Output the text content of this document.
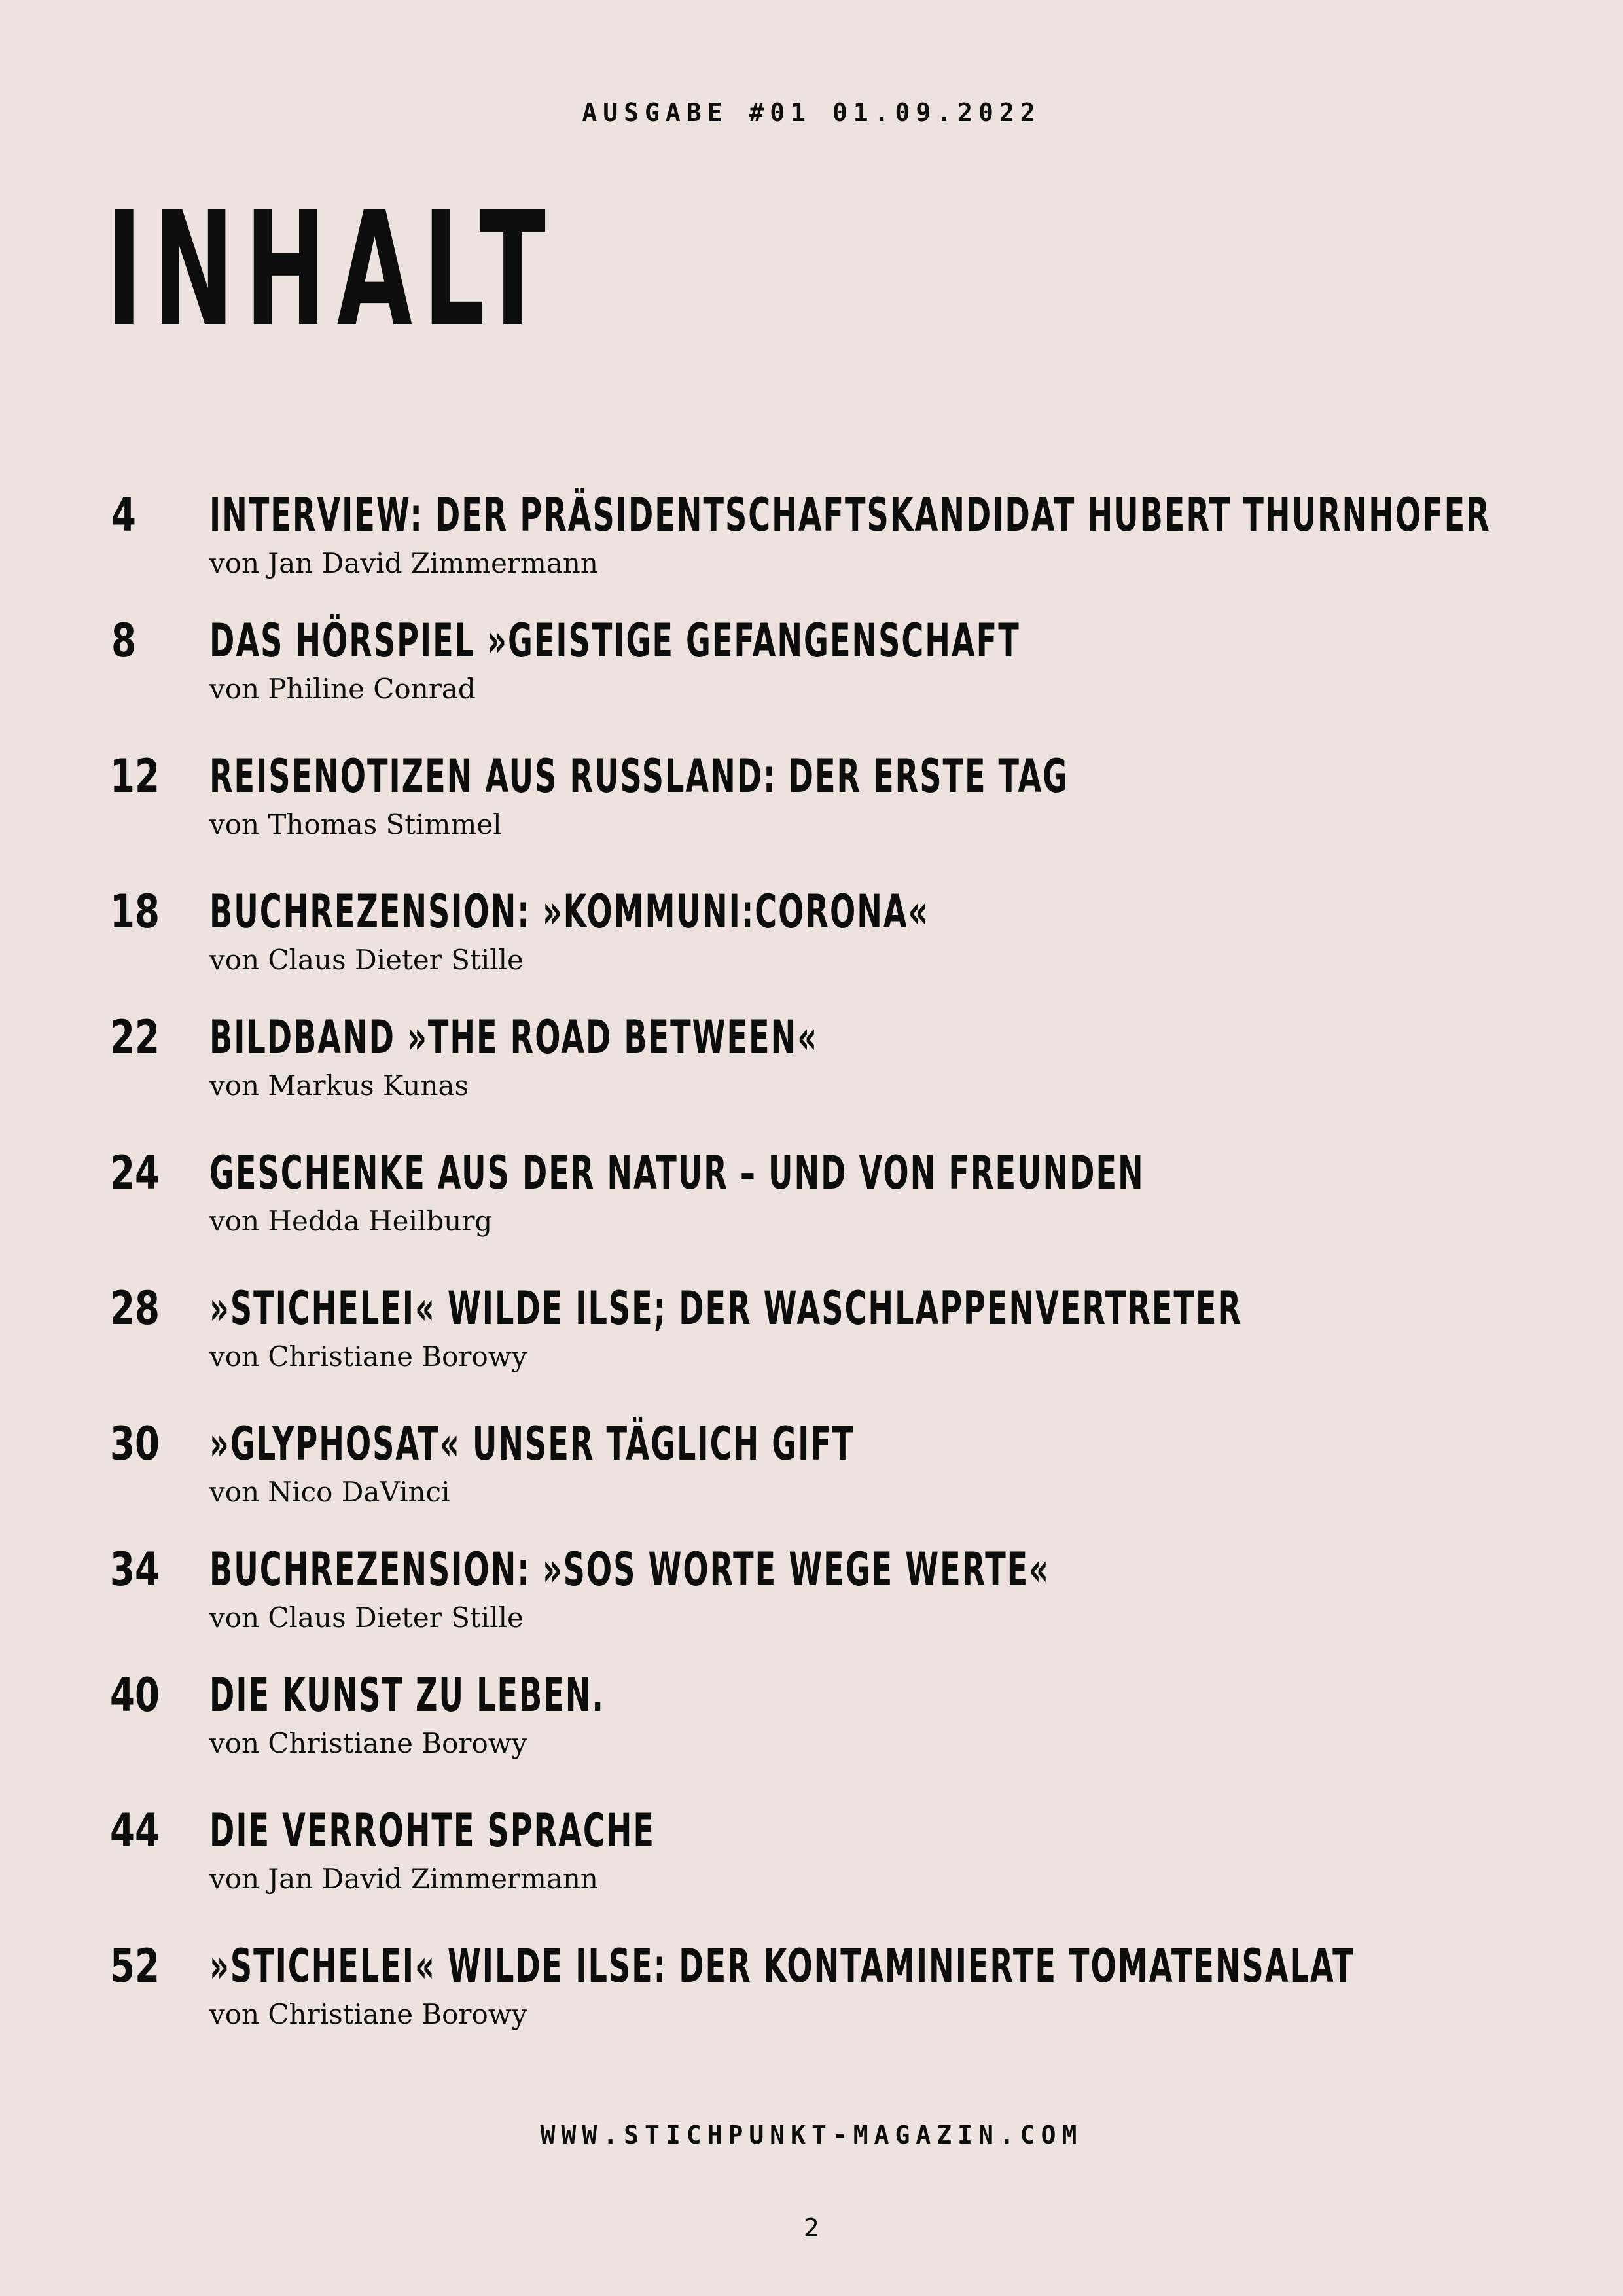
AUSGABE #01 01.09.2022
INHALT
4 INTERVIEW: DER PRÄSIDENTSCHAFTSKANDIDAT HUBERT THURNHOFER
von Jan David Zimmermann
8 DAS HÖRSPIEL »GEISTIGE GEFANGENSCHAFT
von Philine Conrad
12 REISENOTIZEN AUS RUSSLAND: DER ERSTE TAG
von Thomas Stimmel
18 BUCHREZENSION: »KOMMUNI:CORONA«
von Claus Dieter Stille
22 BILDBAND »THE ROAD BETWEEN«
von Markus Kunas
24 GESCHENKE AUS DER NATUR – UND VON FREUNDEN
von Hedda Heilburg
28 »STICHELEI« WILDE ILSE; DER WASCHLAPPENVERTRETER
von Christiane Borowy
30 »GLYPHOSAT« UNSER TÄGLICH GIFT
von Nico DaVinci
34 BUCHREZENSION: »SOS WORTE WEGE WERTE«
von Claus Dieter Stille
40 DIE KUNST ZU LEBEN.
von Christiane Borowy
44 DIE VERROHTE SPRACHE
von Jan David Zimmermann
52 »STICHELEI« WILDE ILSE: DER KONTAMINIERTE TOMATENSALAT
von Christiane Borowy
WWW.STICHPUNKT-MAGAZIN.COM
2
